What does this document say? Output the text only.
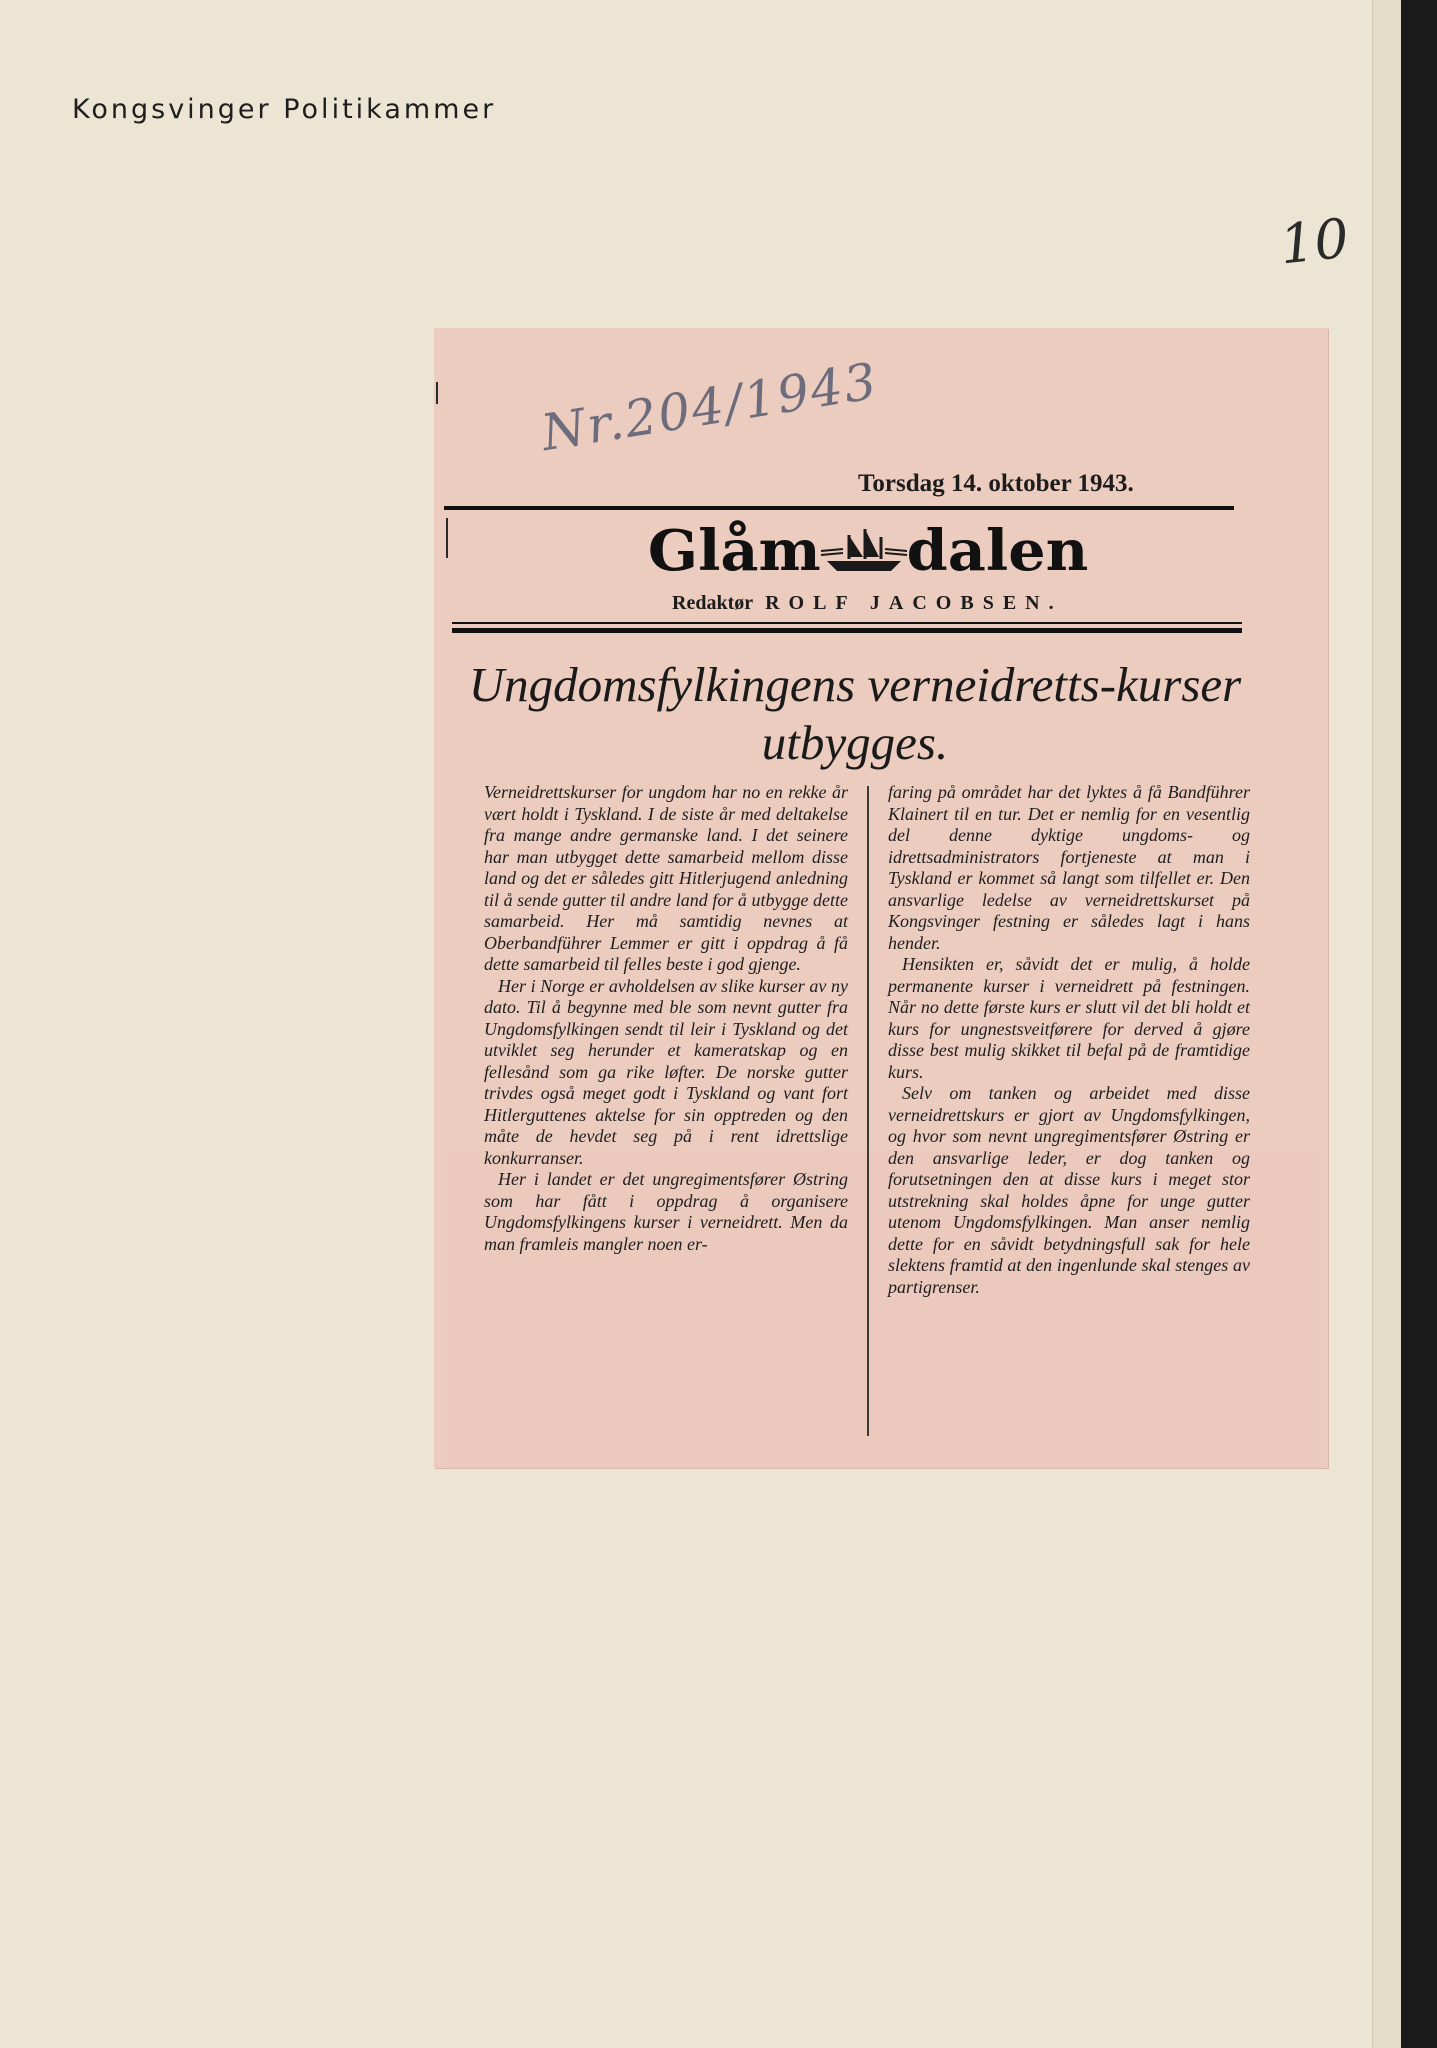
Kongsvinger Politikammer
10
Nr.204/1943
Torsdag 14. oktober 1943.
Glåm dalen
Redaktør ROLF JACOBSEN.
Ungdomsfylkingens verneidretts-kurser utbygges.

Verneidrettskurser for ungdom har no en rekke år vært holdt i Tyskland. I de siste år med deltakelse fra mange andre germanske land. I det seinere har man utbygget dette samarbeid mellom disse land og det er således gitt Hitlerjugend anledning til å sende gutter til andre land for å utbygge dette samarbeid. Her må samtidig nevnes at Oberbandführer Lemmer er gitt i oppdrag å få dette samarbeid til felles beste i god gjenge.

Her i Norge er avholdelsen av slike kurser av ny dato. Til å begynne med ble som nevnt gutter fra Ungdomsfylkingen sendt til leir i Tyskland og det utviklet seg herunder et kameratskap og en fellesånd som ga rike løfter. De norske gutter trivdes også meget godt i Tyskland og vant fort Hitlerguttenes aktelse for sin opptreden og den måte de hevdet seg på i rent idrettslige konkurranser.

Her i landet er det ungregimentsfører Østring som har fått i oppdrag å organisere Ungdomsfylkingens kurser i verneidrett. Men da man framleis mangler noen er-

faring på området har det lyktes å få Bandführer Klainert til en tur. Det er nemlig for en vesentlig del denne dyktige ungdoms- og idrettsadministrators fortjeneste at man i Tyskland er kommet så langt som tilfellet er. Den ansvarlige ledelse av verneidrettskurset på Kongsvinger festning er således lagt i hans hender.

Hensikten er, såvidt det er mulig, å holde permanente kurser i verneidrett på festningen. Når no dette første kurs er slutt vil det bli holdt et kurs for ungnestsveitførere for derved å gjøre disse best mulig skikket til befal på de framtidige kurs.

Selv om tanken og arbeidet med disse verneidrettskurs er gjort av Ungdomsfylkingen, og hvor som nevnt ungregimentsfører Østring er den ansvarlige leder, er dog tanken og forutsetningen den at disse kurs i meget stor utstrekning skal holdes åpne for unge gutter utenom Ungdomsfylkingen. Man anser nemlig dette for en såvidt betydningsfull sak for hele slektens framtid at den ingenlunde skal stenges av partigrenser.
